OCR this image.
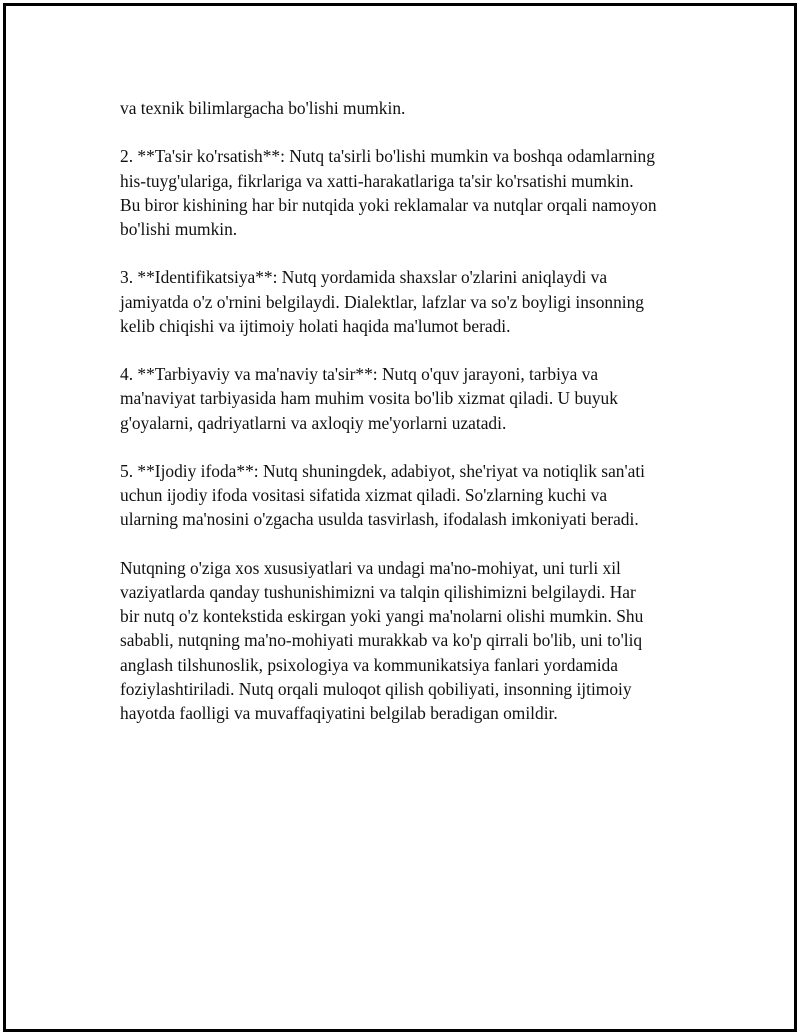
va texnik bilimlargacha bo'lishi mumkin.

2. **Ta'sir ko'rsatish**: Nutq ta'sirli bo'lishi mumkin va boshqa odamlarning
his-tuyg'ulariga, fikrlariga va xatti-harakatlariga ta'sir ko'rsatishi mumkin.
Bu biror kishining har bir nutqida yoki reklamalar va nutqlar orqali namoyon
bo'lishi mumkin.

3. **Identifikatsiya**: Nutq yordamida shaxslar o'zlarini aniqlaydi va
jamiyatda o'z o'rnini belgilaydi. Dialektlar, lafzlar va so'z boyligi insonning
kelib chiqishi va ijtimoiy holati haqida ma'lumot beradi.

4. **Tarbiyaviy va ma'naviy ta'sir**: Nutq o'quv jarayoni, tarbiya va
ma'naviyat tarbiyasida ham muhim vosita bo'lib xizmat qiladi. U buyuk
g'oyalarni, qadriyatlarni va axloqiy me'yorlarni uzatadi.

5. **Ijodiy ifoda**: Nutq shuningdek, adabiyot, she'riyat va notiqlik san'ati
uchun ijodiy ifoda vositasi sifatida xizmat qiladi. So'zlarning kuchi va
ularning ma'nosini o'zgacha usulda tasvirlash, ifodalash imkoniyati beradi.

Nutqning o'ziga xos xususiyatlari va undagi ma'no-mohiyat, uni turli xil
vaziyatlarda qanday tushunishimizni va talqin qilishimizni belgilaydi. Har
bir nutq o'z kontekstida eskirgan yoki yangi ma'nolarni olishi mumkin. Shu
sababli, nutqning ma'no-mohiyati murakkab va ko'p qirrali bo'lib, uni to'liq
anglash tilshunoslik, psixologiya va kommunikatsiya fanlari yordamida
foziylashtiriladi. Nutq orqali muloqot qilish qobiliyati, insonning ijtimoiy
hayotda faolligi va muvaffaqiyatini belgilab beradigan omildir.
